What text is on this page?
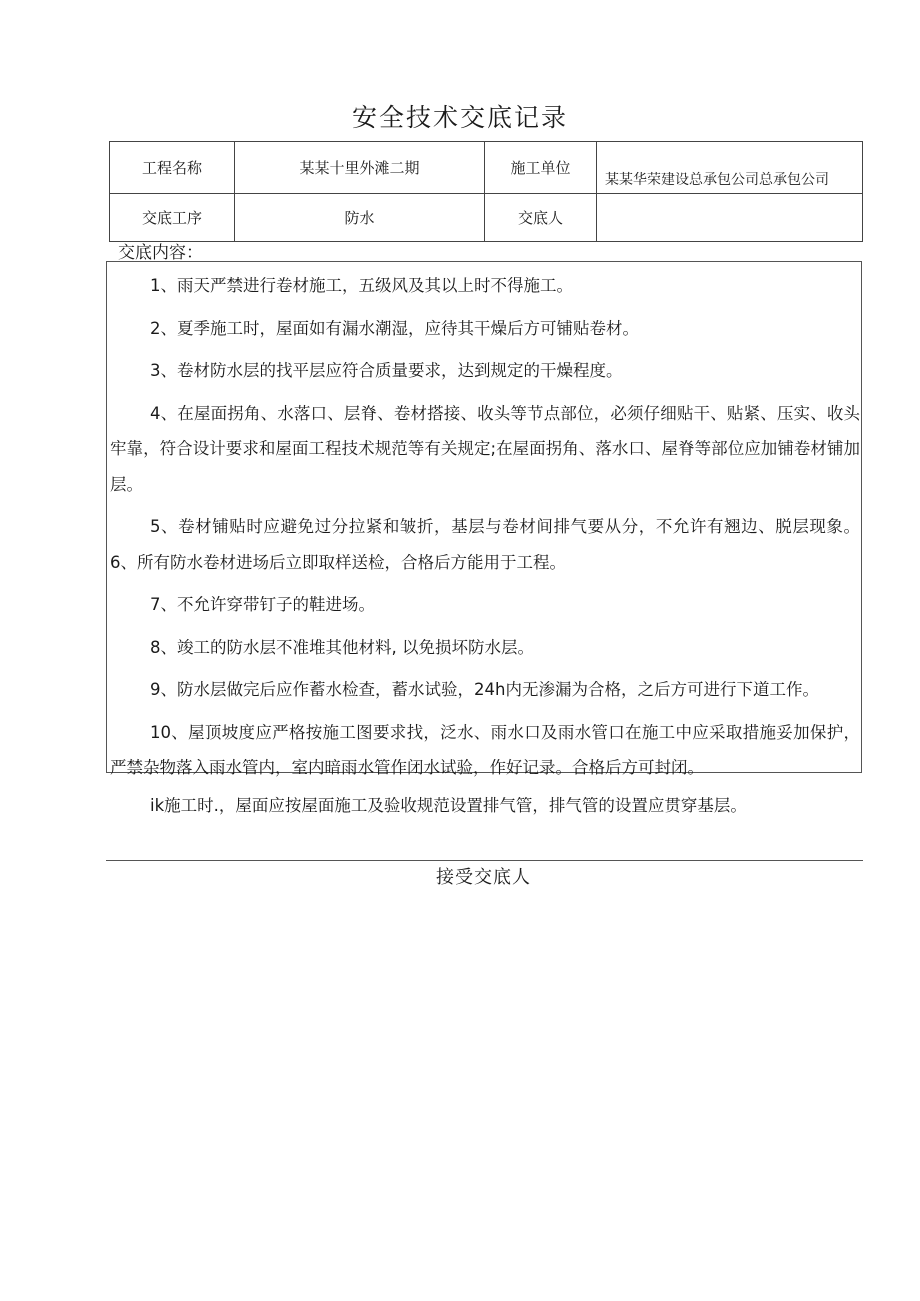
安全技术交底记录
工程名称	某某十里外滩二期	施工单位	某某华荣建设总承包公司总承包公司
交底工序	防水	交底人	
交底内容：

1、雨天严禁进行卷材施工，五级风及其以上时不得施工。

2、夏季施工时，屋面如有漏水潮湿，应待其干燥后方可铺贴卷材。

3、卷材防水层的找平层应符合质量要求，达到规定的干燥程度。

4、在屋面拐角、水落口、层脊、卷材搭接、收头等节点部位，必须仔细贴干、贴紧、压实、收头牢靠，符合设计要求和屋面工程技术规范等有关规定;在屋面拐角、落水口、屋脊等部位应加铺卷材铺加层。

5、卷材铺贴时应避免过分拉紧和皱折，基层与卷材间排气要从分，不允许有翘边、脱层现象。6、所有防水卷材进场后立即取样送检，合格后方能用于工程。

7、不允许穿带钉子的鞋进场。

8、竣工的防水层不准堆其他材料, 以免损坏防水层。

9、防水层做完后应作蓄水检查，蓄水试验，24h内无渗漏为合格，之后方可进行下道工作。

10、屋顶坡度应严格按施工图要求找，泛水、雨水口及雨水管口在施工中应采取措施妥加保护，严禁杂物落入雨水管内，室内暗雨水管作闭水试验，作好记录。合格后方可封闭。

ik施工时.，屋面应按屋面施工及验收规范设置排气管，排气管的设置应贯穿基层。
接受交底人
